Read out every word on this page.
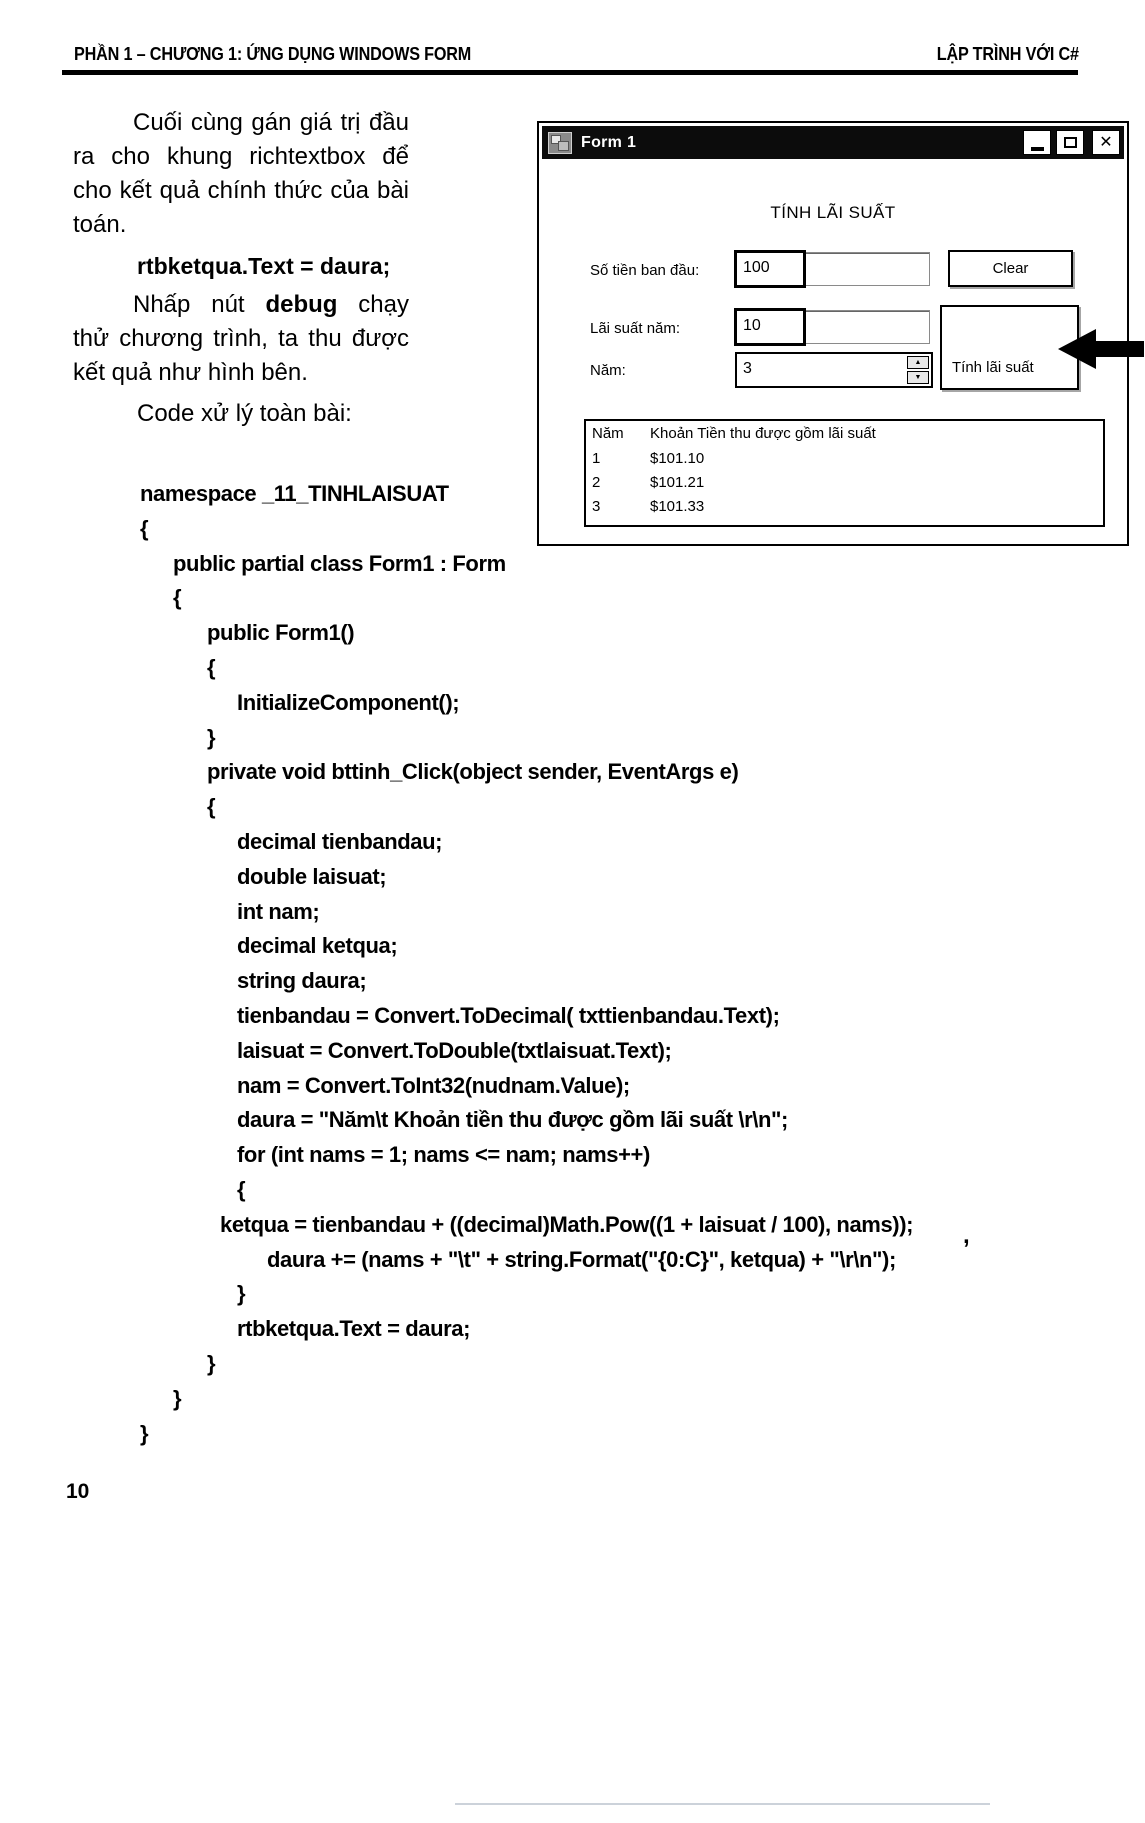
PHẦN 1 – CHƯƠNG 1: ỨNG DỤNG WINDOWS FORM	LẬP TRÌNH VỚI C#

Cuối cùng gán giá trị đầu ra cho khung richtextbox để cho kết quả chính thức của bài toán.

rtbketqua.Text = daura;

Nhấp nút debug chạy thử chương trình, ta thu được kết quả như hình bên.

Code xử lý toàn bài:
Form 1	✕
TÍNH LÃI SUẤT
Số tiền ban đầu:	100	Clear
Lãi suất năm:	10
Năm:	3	▲
▼
Tính lãi suất
Năm	Khoản Tiền thu được gồm lãi suất
1	$101.10
2	$101.21
3	$101.33
namespace _11_TINHLAISUAT
{
public partial class Form1 : Form
{
public Form1()
{
InitializeComponent();
}
private void bttinh_Click(object sender, EventArgs e)
{
decimal tienbandau;
double laisuat;
int nam;
decimal ketqua;
string daura;
tienbandau = Convert.ToDecimal( txttienbandau.Text);
laisuat = Convert.ToDouble(txtlaisuat.Text);
nam = Convert.ToInt32(nudnam.Value);
daura = "Năm\t Khoản tiền thu được gồm lãi suất \r\n";
for (int nams = 1; nams <= nam; nams++)
{
ketqua = tienbandau + ((decimal)Math.Pow((1 + laisuat / 100), nams));
daura += (nams + "\t" + string.Format("{0:C}", ketqua) + "\r\n");
}
rtbketqua.Text = daura;
}
}
}
,
10
